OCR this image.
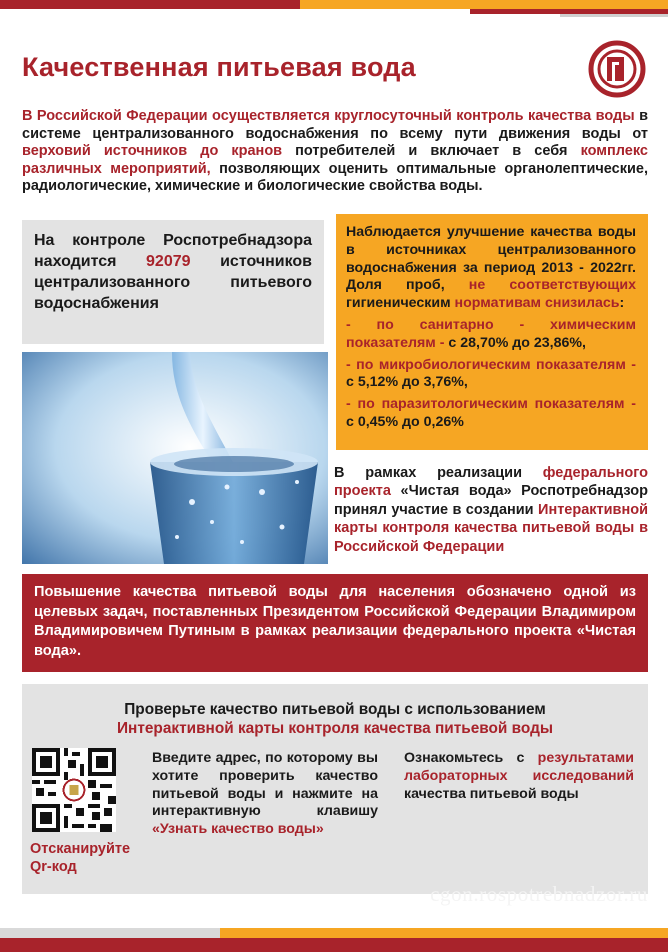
Качественная питьевая вода
В Российской Федерации осуществляется круглосуточный контроль качества воды в системе централизованного водоснабжения по всему пути движения воды от верховий источников до кранов потребителей и включает в себя комплекс различных мероприятий, позволяющих оценить оптимальные органолептические, радиологические, химические и биологические свойства воды.
На контроле Роспотребнадзора находится 92079 источников централизованного питьевого водоснабжения

Наблюдается улучшение качества воды в источниках централизованного водоснабжения за период 2013 - 2022гг. Доля проб, не соответствующих гигиеническим нормативам снизилась:

- по санитарно - химическим показателям - с 28,70% до 23,86%,

- по микробиологическим показателям - с 5,12% до 3,76%,

- по паразитологическим показателям - с 0,45% до 0,26%

В рамках реализации федерального проекта «Чистая вода» Роспотребнадзор принял участие в создании Интерактивной карты контроля качества питьевой воды в Российской Федерации
Повышение качества питьевой воды для населения обозначено одной из целевых задач, поставленных Президентом Российской Федерации Владимиром Владимировичем Путиным в рамках реализации федерального проекта «Чистая вода».
Проверьте качество питьевой воды с использованием
Интерактивной карты контроля качества питьевой воды
Отсканируйте Qr-код
Введите адрес, по которому вы хотите проверить качество питьевой воды и нажмите на интерактивную клавишу «Узнать качество воды»
Ознакомьтесь с результатами лабораторных исследований качества питьевой воды
cgon.rospotrebnadzor.ru
